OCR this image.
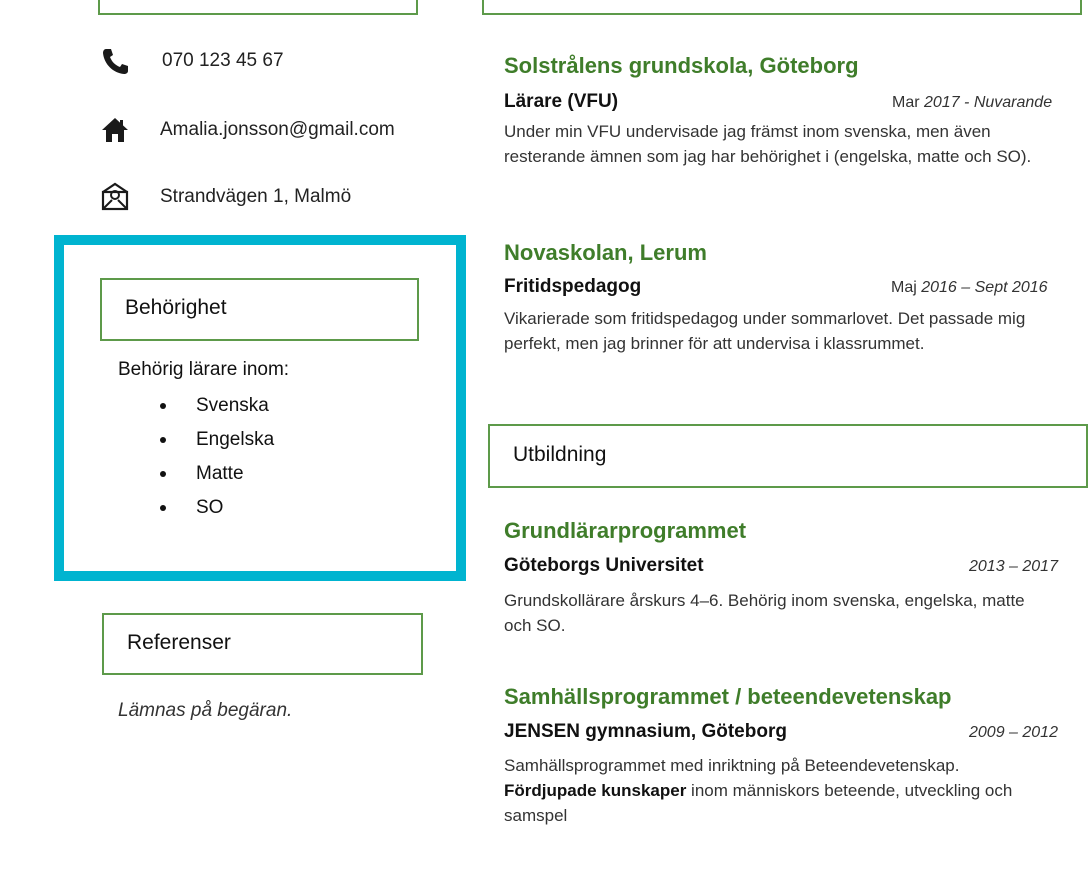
070 123 45 67
Amalia.jonsson@gmail.com
Strandvägen 1, Malmö
Behörighet
Behörig lärare inom:
Svenska
Engelska
Matte
SO
Referenser
Lämnas på begäran.
Solstrålens grundskola, Göteborg
Lärare (VFU)	Mar 2017 - Nuvarande
Under min VFU undervisade jag främst inom svenska, men även resterande ämnen som jag har behörighet i (engelska, matte och SO).
Novaskolan, Lerum
Fritidspedagog	Maj 2016 – Sept 2016
Vikarierade som fritidspedagog under sommarlovet. Det passade mig perfekt, men jag brinner för att undervisa i klassrummet.
Utbildning
Grundlärarprogrammet
Göteborgs Universitet	2013 – 2017
Grundskollärare årskurs 4–6. Behörig inom svenska, engelska, matte och SO.
Samhällsprogrammet / beteendevetenskap
JENSEN gymnasium, Göteborg	2009 – 2012
Samhällsprogrammet med inriktning på Beteendevetenskap.
Fördjupade kunskaper inom människors beteende, utveckling och samspel
